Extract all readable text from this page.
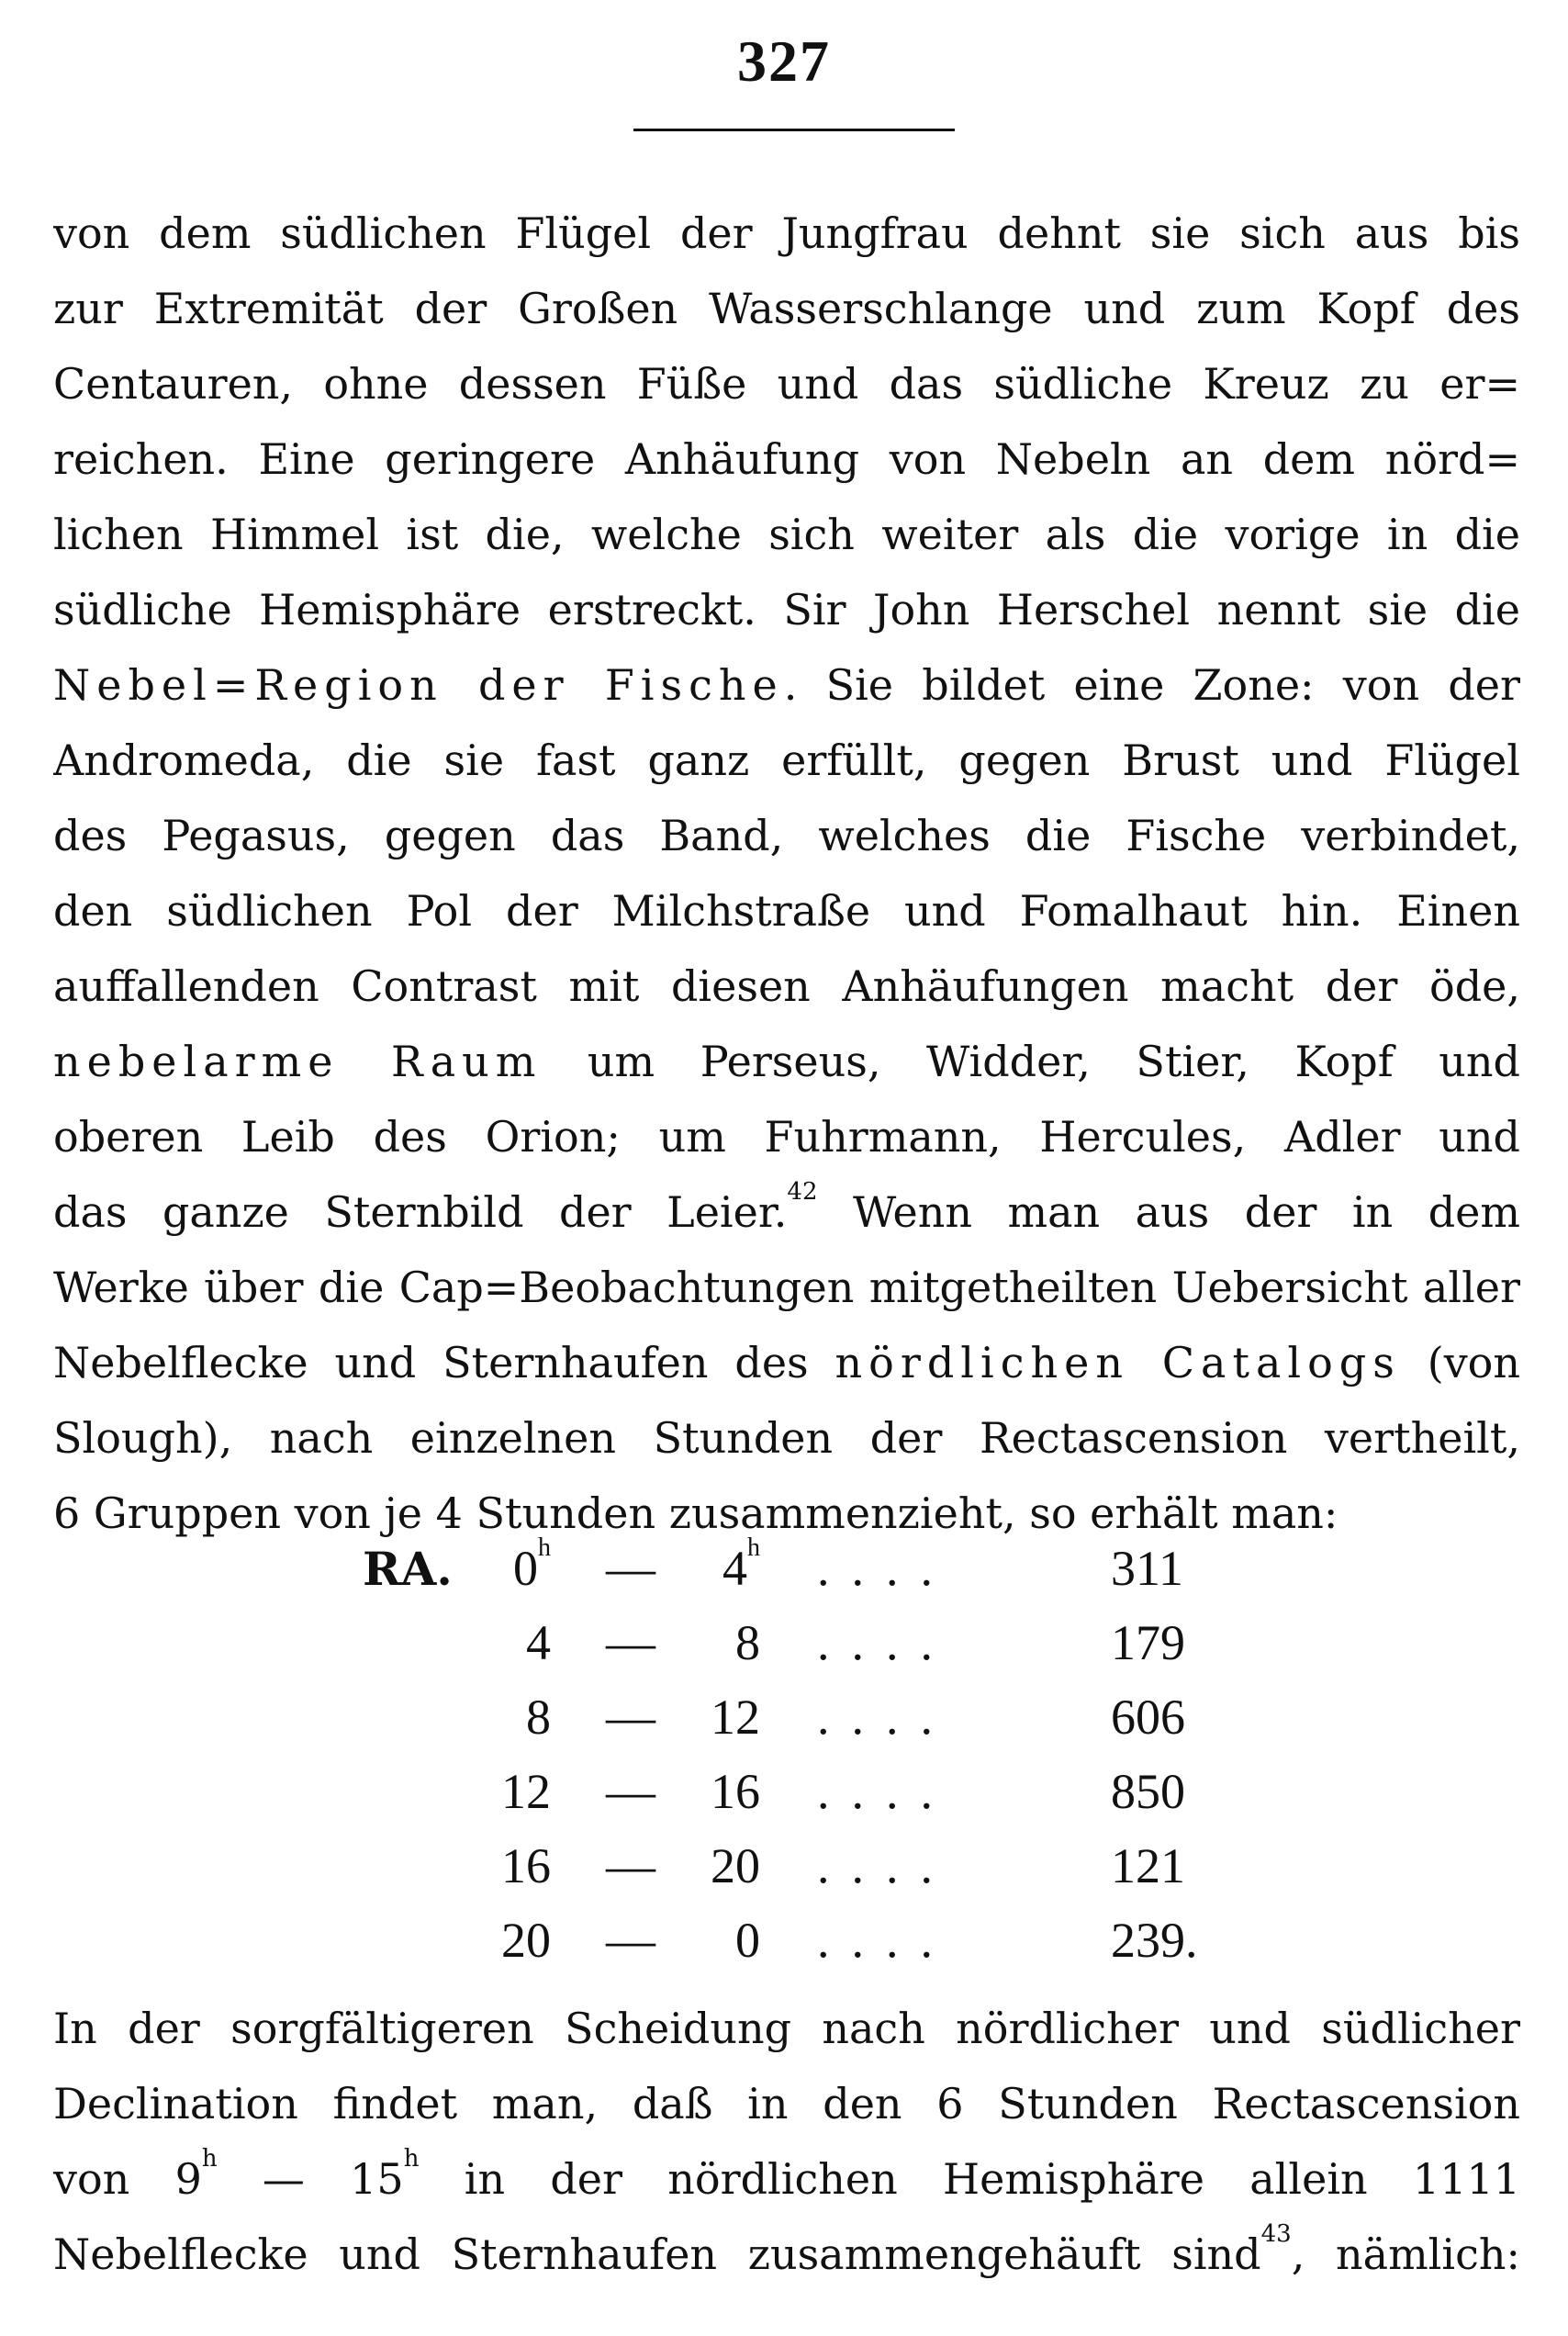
327
von dem südlichen Flügel der Jungfrau dehnt sie sich aus bis
zur Extremität der Großen Wasserschlange und zum Kopf des
Centauren, ohne dessen Füße und das südliche Kreuz zu er=
reichen. Eine geringere Anhäufung von Nebeln an dem nörd=
lichen Himmel ist die, welche sich weiter als die vorige in die
südliche Hemisphäre erstreckt. Sir John Herschel nennt sie die
Nebel=Region der Fische. Sie bildet eine Zone: von der
Andromeda, die sie fast ganz erfüllt, gegen Brust und Flügel
des Pegasus, gegen das Band, welches die Fische verbindet,
den südlichen Pol der Milchstraße und Fomalhaut hin. Einen
auffallenden Contrast mit diesen Anhäufungen macht der öde,
nebelarme Raum um Perseus, Widder, Stier, Kopf und
oberen Leib des Orion; um Fuhrmann, Hercules, Adler und
das ganze Sternbild der Leier.$^{42}$ Wenn man aus der in dem
Werke über die Cap=Beobachtungen mitgetheilten Uebersicht aller
Nebelflecke und Sternhaufen des nördlichen Catalogs (von
Slough), nach einzelnen Stunden der Rectascension vertheilt,
6 Gruppen von je 4 Stunden zusammenzieht, so erhält man:
RA. 0$^h$ — 4$^h$ ....	311
4 — 8 ....	179
8 — 12 ....	606
12 — 16 ....	850
16 — 20 ....	121
20 — 0 ....	239.
In der sorgfältigeren Scheidung nach nördlicher und südlicher
Declination findet man, daß in den 6 Stunden Rectascension
von 9$^h$ — 15$^h$ in der nördlichen Hemisphäre allein 1111
Nebelflecke und Sternhaufen zusammengehäuft sind$^{43}$, nämlich:
